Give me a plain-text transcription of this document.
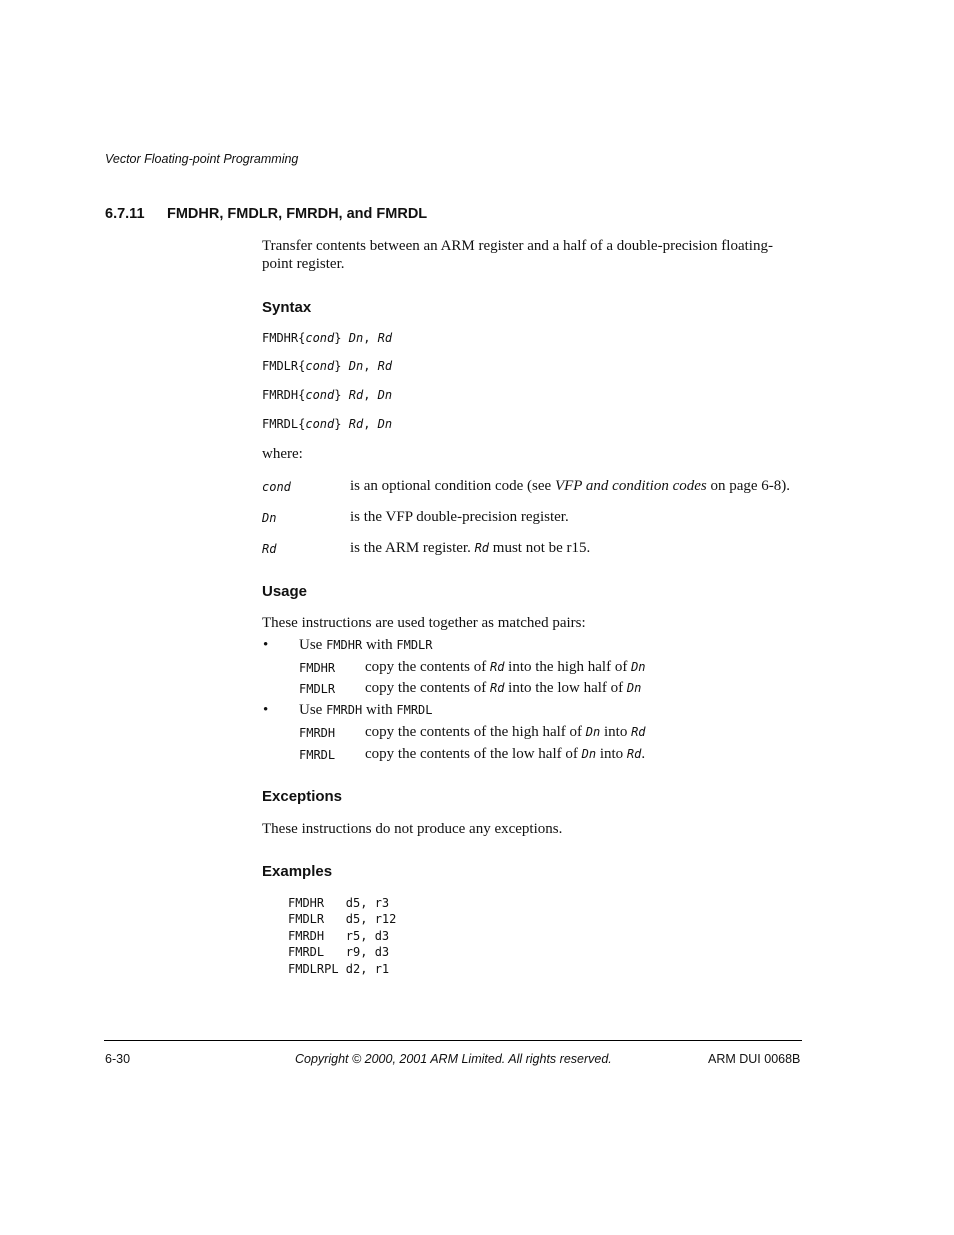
Vector Floating-point Programming
6.7.11 FMDHR, FMDLR, FMRDH, and FMRDL
Transfer contents between an ARM register and a half of a double-precision floating-point register.
Syntax
FMDHR{cond} Dn, Rd
FMDLR{cond} Dn, Rd
FMRDH{cond} Rd, Dn
FMRDL{cond} Rd, Dn
where:
cond	is an optional condition code (see VFP and condition codes on page 6-8).
Dn	is the VFP double-precision register.
Rd	is the ARM register. Rd must not be r15.
Usage
These instructions are used together as matched pairs:
• Use FMDHR with FMDLR
FMDHR copy the contents of Rd into the high half of Dn
FMDLR copy the contents of Rd into the low half of Dn
• Use FMRDH with FMRDL
FMRDH copy the contents of the high half of Dn into Rd
FMRDL copy the contents of the low half of Dn into Rd.
Exceptions
These instructions do not produce any exceptions.
Examples
FMDHR   d5, r3
FMDLR   d5, r12
FMRDH   r5, d3
FMRDL   r9, d3
FMDLRPL d2, r1
6-30	Copyright © 2000, 2001 ARM Limited. All rights reserved.	ARM DUI 0068B
